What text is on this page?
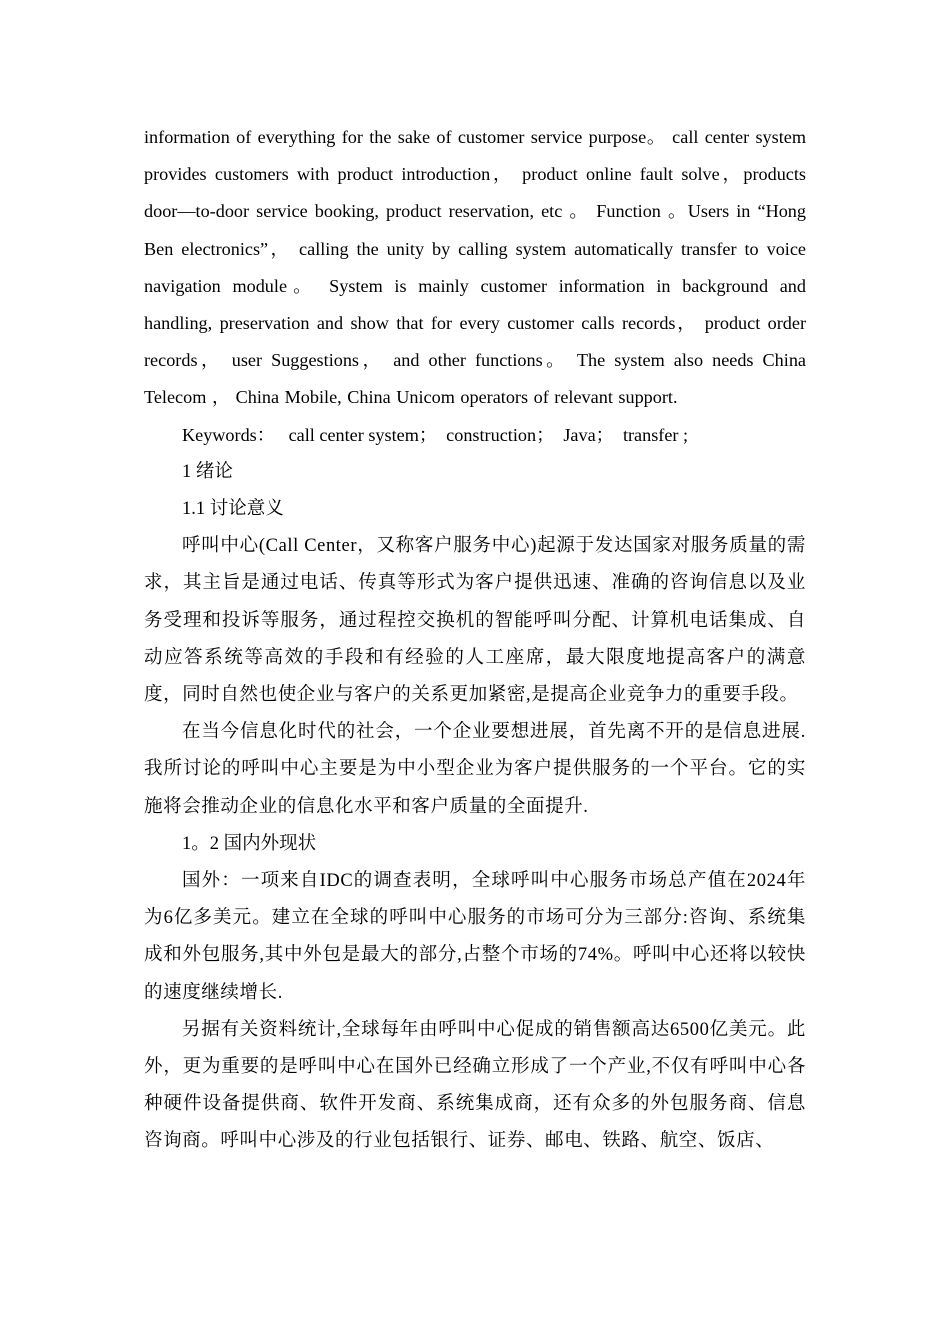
information of everything for the sake of customer service purpose。 call center system provides customers with product introduction， product online fault solve，products door—to-door service booking, product reservation, etc 。 Function 。Users in “Hong Ben electronics”， calling the unity by calling system automatically transfer to voice navigation module。 System is mainly customer information in background and handling, preservation and show that for every customer calls records， product order records， user Suggestions， and other functions。 The system also needs China Telecom ， China Mobile, China Unicom operators of relevant support.

Keywords： call center system；  construction；  Java；  transfer ;

1 绪论

1.1 讨论意义

呼叫中心(Call Center，又称客户服务中心)起源于发达国家对服务质量的需求，其主旨是通过电话、传真等形式为客户提供迅速、准确的咨询信息以及业务受理和投诉等服务，通过程控交换机的智能呼叫分配、计算机电话集成、自动应答系统等高效的手段和有经验的人工座席，最大限度地提高客户的满意度，同时自然也使企业与客户的关系更加紧密,是提高企业竞争力的重要手段。

在当今信息化时代的社会，一个企业要想进展，首先离不开的是信息进展.我所讨论的呼叫中心主要是为中小型企业为客户提供服务的一个平台。它的实施将会推动企业的信息化水平和客户质量的全面提升.

1。2 国内外现状

国外：一项来自IDC的调查表明，全球呼叫中心服务市场总产值在2024年为6亿多美元。建立在全球的呼叫中心服务的市场可分为三部分:咨询、系统集成和外包服务,其中外包是最大的部分,占整个市场的74%。呼叫中心还将以较快的速度继续增长.

另据有关资料统计,全球每年由呼叫中心促成的销售额高达6500亿美元。此外，更为重要的是呼叫中心在国外已经确立形成了一个产业,不仅有呼叫中心各种硬件设备提供商、软件开发商、系统集成商，还有众多的外包服务商、信息咨询商。呼叫中心涉及的行业包括银行、证券、邮电、铁路、航空、饭店、
